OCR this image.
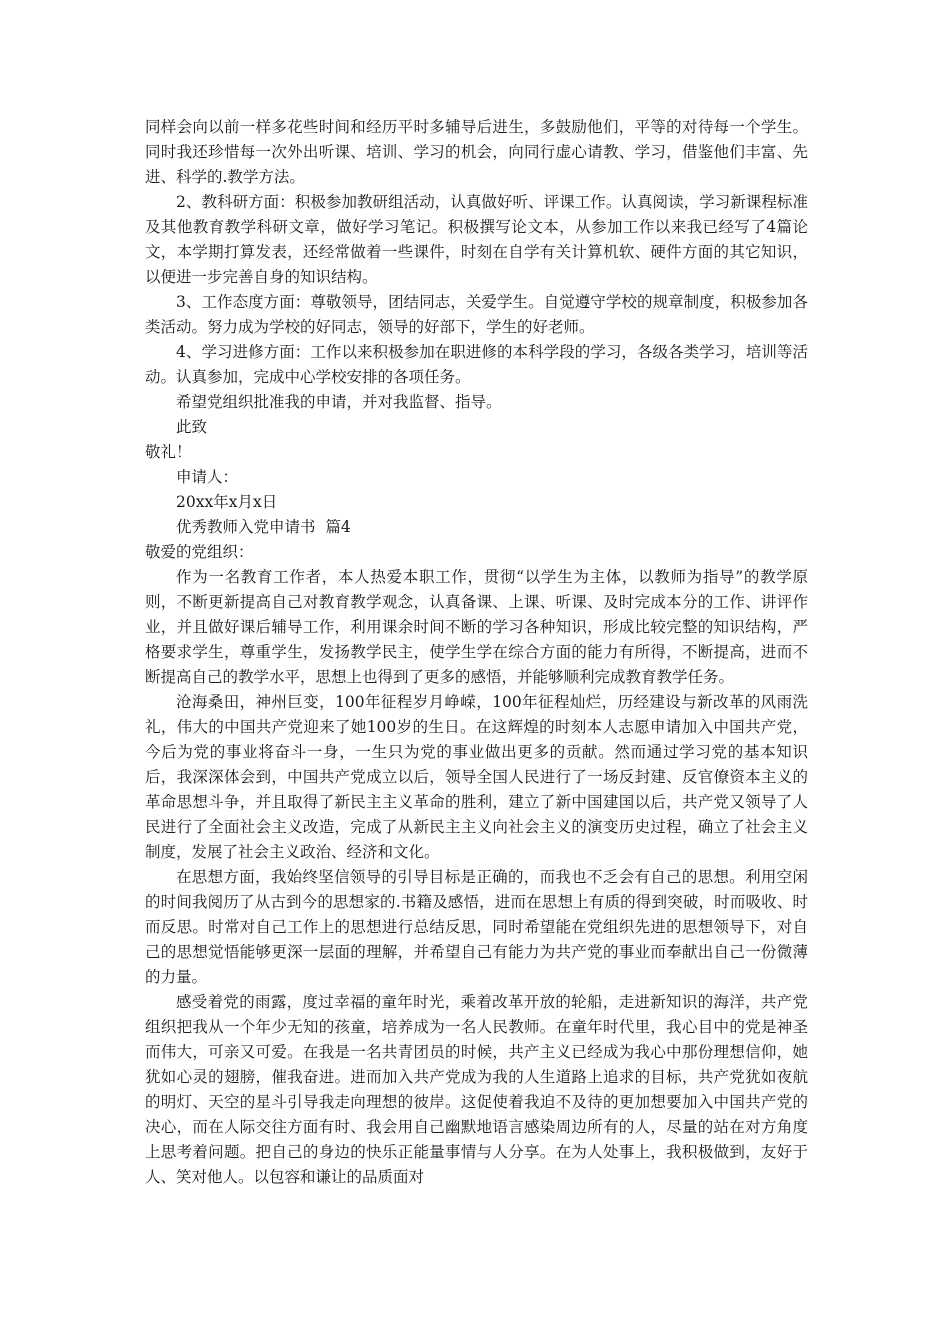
同样会向以前一样多花些时间和经历平时多辅导后进生，多鼓励他们，平等的对待每一个学生。同时我还珍惜每一次外出听课、培训、学习的机会，向同行虚心请教、学习，借鉴他们丰富、先进、科学的.教学方法。

2、教科研方面：积极参加教研组活动，认真做好听、评课工作。认真阅读，学习新课程标准及其他教育教学科研文章，做好学习笔记。积极撰写论文本，从参加工作以来我已经写了4篇论文，本学期打算发表，还经常做着一些课件，时刻在自学有关计算机软、硬件方面的其它知识，以便进一步完善自身的知识结构。

3、工作态度方面：尊敬领导，团结同志，关爱学生。自觉遵守学校的规章制度，积极参加各类活动。努力成为学校的好同志，领导的好部下，学生的好老师。

4、学习进修方面：工作以来积极参加在职进修的本科学段的学习，各级各类学习，培训等活动。认真参加，完成中心学校安排的各项任务。

希望党组织批准我的申请，并对我监督、指导。

此致

敬礼！

申请人：

20xx年x月x日

优秀教师入党申请书  篇4

敬爱的党组织：

作为一名教育工作者，本人热爱本职工作，贯彻“以学生为主体，以教师为指导”的教学原则，不断更新提高自己对教育教学观念，认真备课、上课、听课、及时完成本分的工作、讲评作业，并且做好课后辅导工作，利用课余时间不断的学习各种知识，形成比较完整的知识结构，严格要求学生，尊重学生，发扬教学民主，使学生学在综合方面的能力有所得，不断提高，进而不断提高自己的教学水平，思想上也得到了更多的感悟，并能够顺利完成教育教学任务。

沧海桑田，神州巨变，100年征程岁月峥嵘，100年征程灿烂，历经建设与新改革的风雨洗礼，伟大的中国共产党迎来了她100岁的生日。在这辉煌的时刻本人志愿申请加入中国共产党，今后为党的事业将奋斗一身，一生只为党的事业做出更多的贡献。然而通过学习党的基本知识后，我深深体会到，中国共产党成立以后，领导全国人民进行了一场反封建、反官僚资本主义的革命思想斗争，并且取得了新民主主义革命的胜利，建立了新中国建国以后，共产党又领导了人民进行了全面社会主义改造，完成了从新民主主义向社会主义的演变历史过程，确立了社会主义制度，发展了社会主义政治、经济和文化。

在思想方面，我始终坚信领导的引导目标是正确的，而我也不乏会有自己的思想。利用空闲的时间我阅历了从古到今的思想家的.书籍及感悟，进而在思想上有质的得到突破，时而吸收、时而反思。时常对自己工作上的思想进行总结反思，同时希望能在党组织先进的思想领导下，对自己的思想觉悟能够更深一层面的理解，并希望自己有能力为共产党的事业而奉献出自己一份微薄的力量。

感受着党的雨露，度过幸福的童年时光，乘着改革开放的轮船，走进新知识的海洋，共产党组织把我从一个年少无知的孩童，培养成为一名人民教师。在童年时代里，我心目中的党是神圣而伟大，可亲又可爱。在我是一名共青团员的时候，共产主义已经成为我心中那份理想信仰，她犹如心灵的翅膀，催我奋进。进而加入共产党成为我的人生道路上追求的目标，共产党犹如夜航的明灯、天空的星斗引导我走向理想的彼岸。这促使着我迫不及待的更加想要加入中国共产党的决心，而在人际交往方面有时、我会用自己幽默地语言感染周边所有的人，尽量的站在对方角度上思考着问题。把自己的身边的快乐正能量事情与人分享。在为人处事上，我积极做到，友好于人、笑对他人。以包容和谦让的品质面对
